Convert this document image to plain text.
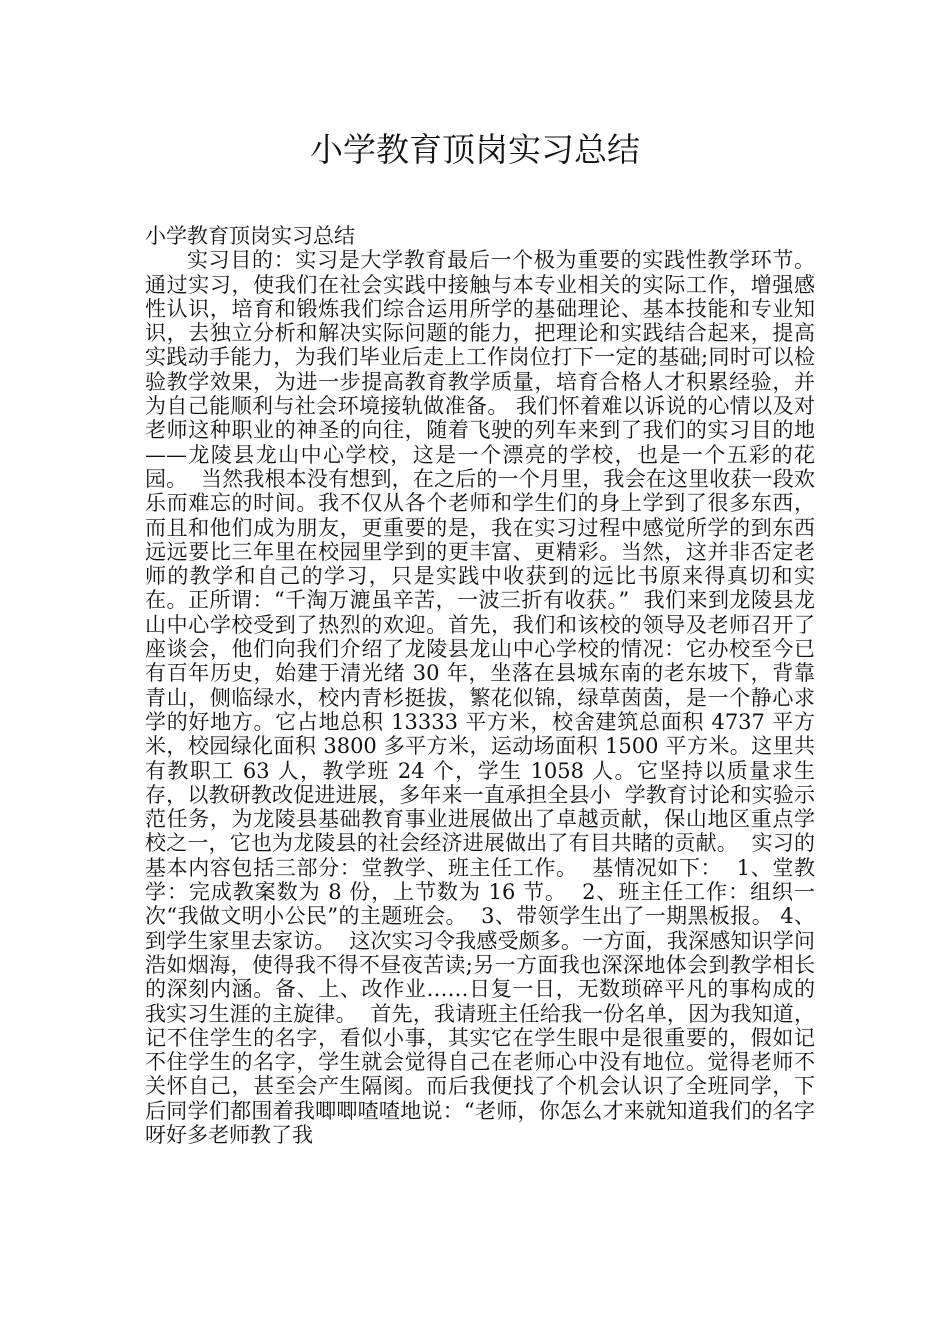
小学教育顶岗实习总结
小学教育顶岗实习总结
实习目的：实习是大学教育最后一个极为重要的实践性教学环节。通过实习，使我们在社会实践中接触与本专业相关的实际工作，增强感性认识，培育和锻炼我们综合运用所学的基础理论、基本技能和专业知识，去独立分析和解决实际问题的能力，把理论和实践结合起来，提高实践动手能力，为我们毕业后走上工作岗位打下一定的基础;同时可以检验教学效果，为进一步提高教育教学质量，培育合格人才积累经验，并为自己能顺利与社会环境接轨做准备。 我们怀着难以诉说的心情以及对老师这种职业的神圣的向往，随着飞驶的列车来到了我们的实习目的地——龙陵县龙山中心学校，这是一个漂亮的学校，也是一个五彩的花园。  当然我根本没有想到，在之后的一个月里，我会在这里收获一段欢乐而难忘的时间。我不仅从各个老师和学生们的身上学到了很多东西，而且和他们成为朋友，更重要的是，我在实习过程中感觉所学的到东西远远要比三年里在校园里学到的更丰富、更精彩。当然，这并非否定老师的教学和自己的学习，只是实践中收获到的远比书原来得真切和实在。正所谓：“千淘万漉虽辛苦，一波三折有收获。”  我们来到龙陵县龙山中心学校受到了热烈的欢迎。首先，我们和该校的领导及老师召开了座谈会，他们向我们介绍了龙陵县龙山中心学校的情况：它办校至今已有百年历史，始建于清光绪 30 年，坐落在县城东南的老东坡下，背靠青山，侧临绿水，校内青杉挺拔，繁花似锦，绿草茵茵，是一个静心求学的好地方。它占地总积 13333 平方米，校舍建筑总面积 4737 平方米，校园绿化面积 3800 多平方米，运动场面积 1500 平方米。这里共有教职工 63 人，教学班 24 个，学生 1058 人。它坚持以质量求生存，以教研教改促进进展，多年来一直承担全县小  学教育讨论和实验示范任务，为龙陵县基础教育事业进展做出了卓越贡献，保山地区重点学校之一，它也为龙陵县的社会经济进展做出了有目共睹的贡献。  实习的基本内容包括三部分：堂教学、班主任工作。  基情况如下：  1、堂教学：完成教案数为 8 份，上节数为 16 节。  2、班主任工作：组织一次“我做文明小公民”的主题班会。  3、带领学生出了一期黑板报。 4、到学生家里去家访。  这次实习令我感受颇多。一方面，我深感知识学问浩如烟海，使得我不得不昼夜苦读;另一方面我也深深地体会到教学相长的深刻内涵。备、上、改作业……日复一日，无数琐碎平凡的事构成的我实习生涯的主旋律。  首先，我请班主任给我一份名单，因为我知道，记不住学生的名字，看似小事，其实它在学生眼中是很重要的，假如记不住学生的名字，学生就会觉得自己在老师心中没有地位。觉得老师不关怀自己，甚至会产生隔阂。而后我便找了个机会认识了全班同学，下后同学们都围着我唧唧喳喳地说：“老师，你怎么才来就知道我们的名字呀好多老师教了我
